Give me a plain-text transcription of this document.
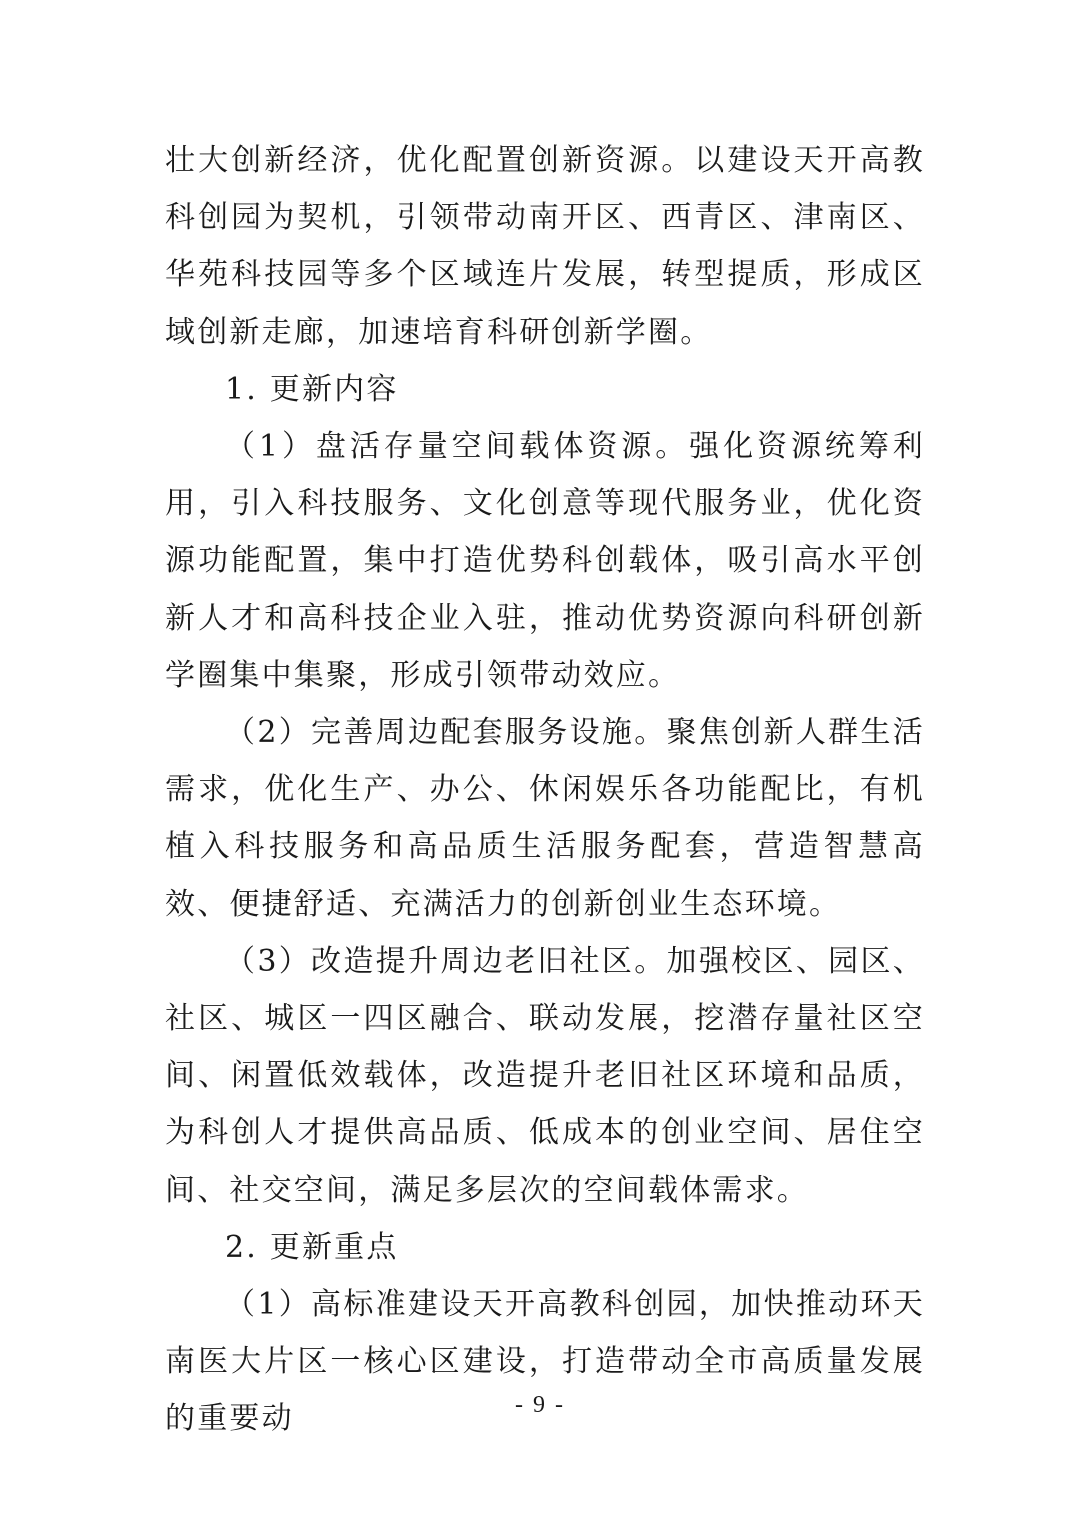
壮大创新经济，优化配置创新资源。以建设天开高教科创园为契机，引领带动南开区、西青区、津南区、华苑科技园等多个区域连片发展，转型提质，形成区域创新走廊，加速培育科研创新学圈。

1. 更新内容

（1）盘活存量空间载体资源。强化资源统筹利用，引入科技服务、文化创意等现代服务业，优化资源功能配置，集中打造优势科创载体，吸引高水平创新人才和高科技企业入驻，推动优势资源向科研创新学圈集中集聚，形成引领带动效应。

（2）完善周边配套服务设施。聚焦创新人群生活需求，优化生产、办公、休闲娱乐各功能配比，有机植入科技服务和高品质生活服务配套，营造智慧高效、便捷舒适、充满活力的创新创业生态环境。

（3）改造提升周边老旧社区。加强校区、园区、社区、城区一四区融合、联动发展，挖潜存量社区空间、闲置低效载体，改造提升老旧社区环境和品质，为科创人才提供高品质、低成本的创业空间、居住空间、社交空间，满足多层次的空间载体需求。

2. 更新重点

（1）高标准建设天开高教科创园，加快推动环天南医大片区一核心区建设，打造带动全市高质量发展的重要动	- 9 -
